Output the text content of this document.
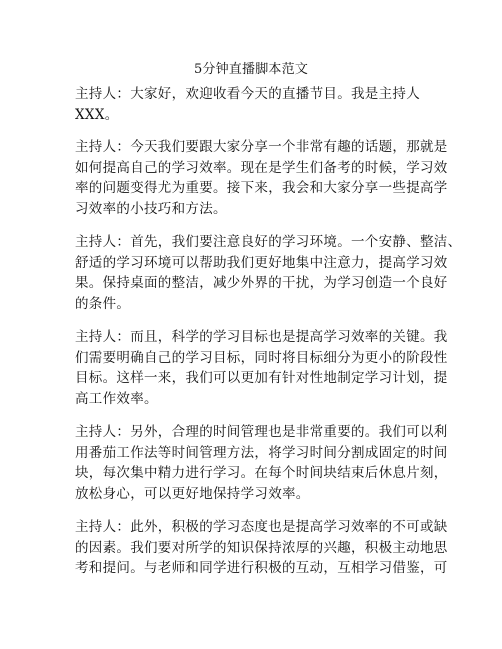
5分钟直播脚本范文
主持人：大家好，欢迎收看今天的直播节目。我是主持人
XXX。
主持人：今天我们要跟大家分享一个非常有趣的话题，那就是
如何提高自己的学习效率。现在是学生们备考的时候，学习效
率的问题变得尤为重要。接下来，我会和大家分享一些提高学
习效率的小技巧和方法。
主持人：首先，我们要注意良好的学习环境。一个安静、整洁、
舒适的学习环境可以帮助我们更好地集中注意力，提高学习效
果。保持桌面的整洁，减少外界的干扰，为学习创造一个良好
的条件。
主持人：而且，科学的学习目标也是提高学习效率的关键。我
们需要明确自己的学习目标，同时将目标细分为更小的阶段性
目标。这样一来，我们可以更加有针对性地制定学习计划，提
高工作效率。
主持人：另外，合理的时间管理也是非常重要的。我们可以利
用番茄工作法等时间管理方法，将学习时间分割成固定的时间
块，每次集中精力进行学习。在每个时间块结束后休息片刻，
放松身心，可以更好地保持学习效率。
主持人：此外，积极的学习态度也是提高学习效率的不可或缺
的因素。我们要对所学的知识保持浓厚的兴趣，积极主动地思
考和提问。与老师和同学进行积极的互动，互相学习借鉴，可
